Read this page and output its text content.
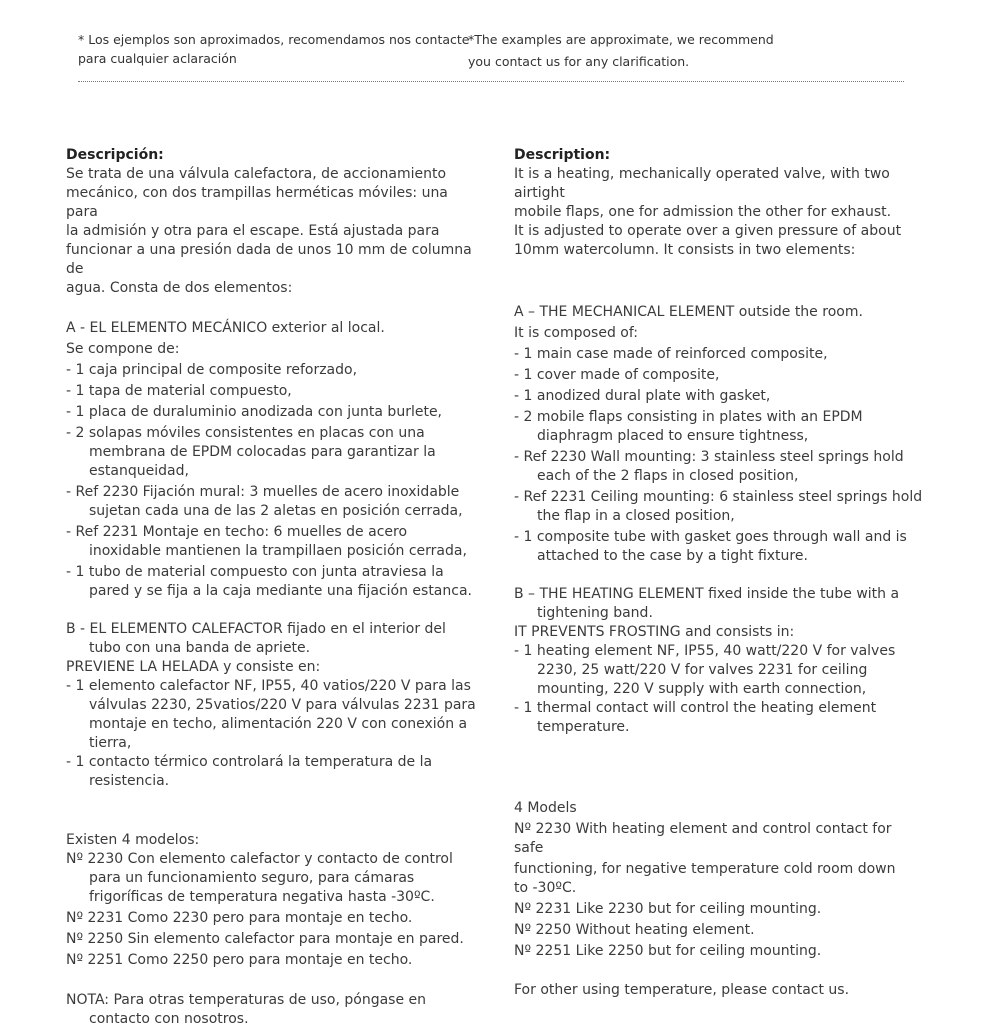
* Los ejemplos son aproximados, recomendamos nos contacte
para cualquier aclaración
*The examples are approximate, we recommend
you contact us for any clarification.

Descripción:

Se trata de una válvula calefactora, de accionamiento

mecánico, con dos trampillas herméticas móviles: una para

la admisión y otra para el escape. Está ajustada para

funcionar a una presión dada de unos 10 mm de columna de

agua. Consta de dos elementos:

A - EL ELEMENTO MECÁNICO exterior al local.

Se compone de:

- 1 caja principal de composite reforzado,

- 1 tapa de material compuesto,

- 1 placa de duraluminio anodizada con junta burlete,

- 2 solapas móviles consistentes en placas con una membrana de EPDM colocadas para garantizar la estanqueidad,

- Ref 2230 Fijación mural: 3 muelles de acero inoxidable sujetan cada una de las 2 aletas en posición cerrada,

- Ref 2231 Montaje en techo: 6 muelles de acero inoxidable mantienen la trampillaen posición cerrada,

- 1 tubo de material compuesto con junta atraviesa la pared y se fija a la caja mediante una fijación estanca.

B - EL ELEMENTO CALEFACTOR fijado en el interior del tubo con una banda de apriete.

PREVIENE LA HELADA y consiste en:

- 1 elemento calefactor NF, IP55, 40 vatios/220 V para las válvulas 2230, 25vatios/220 V para válvulas 2231 para montaje en techo, alimentación 220 V con conexión a tierra,

- 1 contacto térmico controlará la temperatura de la resistencia.

Existen 4 modelos:

Nº 2230 Con elemento calefactor y contacto de control para un funcionamiento seguro, para cámaras frigoríficas de temperatura negativa hasta -30ºC.

Nº 2231 Como 2230 pero para montaje en techo.

Nº 2250 Sin elemento calefactor para montaje en pared.

Nº 2251 Como 2250 pero para montaje en techo.

NOTA: Para otras temperaturas de uso, póngase en contacto con nosotros.

Description:

It is a heating, mechanically operated valve, with two airtight

mobile flaps, one for admission the other for exhaust.

It is adjusted to operate over a given pressure of about

10mm watercolumn. It consists in two elements:

A – THE MECHANICAL ELEMENT outside the room.

It is composed of:

- 1 main case made of reinforced composite,

- 1 cover made of composite,

- 1 anodized dural plate with gasket,

- 2 mobile flaps consisting in plates with an EPDM diaphragm placed to ensure tightness,

- Ref 2230 Wall mounting: 3 stainless steel springs hold each of the 2 flaps in closed position,

- Ref 2231 Ceiling mounting: 6 stainless steel springs hold the flap in a closed position,

- 1 composite tube with gasket goes through wall and is attached to the case by a tight fixture.

B – THE HEATING ELEMENT fixed inside the tube with a tightening band.

IT PREVENTS FROSTING and consists in:

- 1 heating element NF, IP55, 40 watt/220 V for valves 2230, 25 watt/220 V for valves 2231 for ceiling mounting, 220 V supply with earth connection,

- 1 thermal contact will control the heating element temperature.

4 Models

Nº 2230 With heating element and control contact for safe

functioning, for negative temperature cold room down

to -30ºC.

Nº 2231 Like 2230 but for ceiling mounting.

Nº 2250 Without heating element.

Nº 2251 Like 2250 but for ceiling mounting.

For other using temperature, please contact us.
